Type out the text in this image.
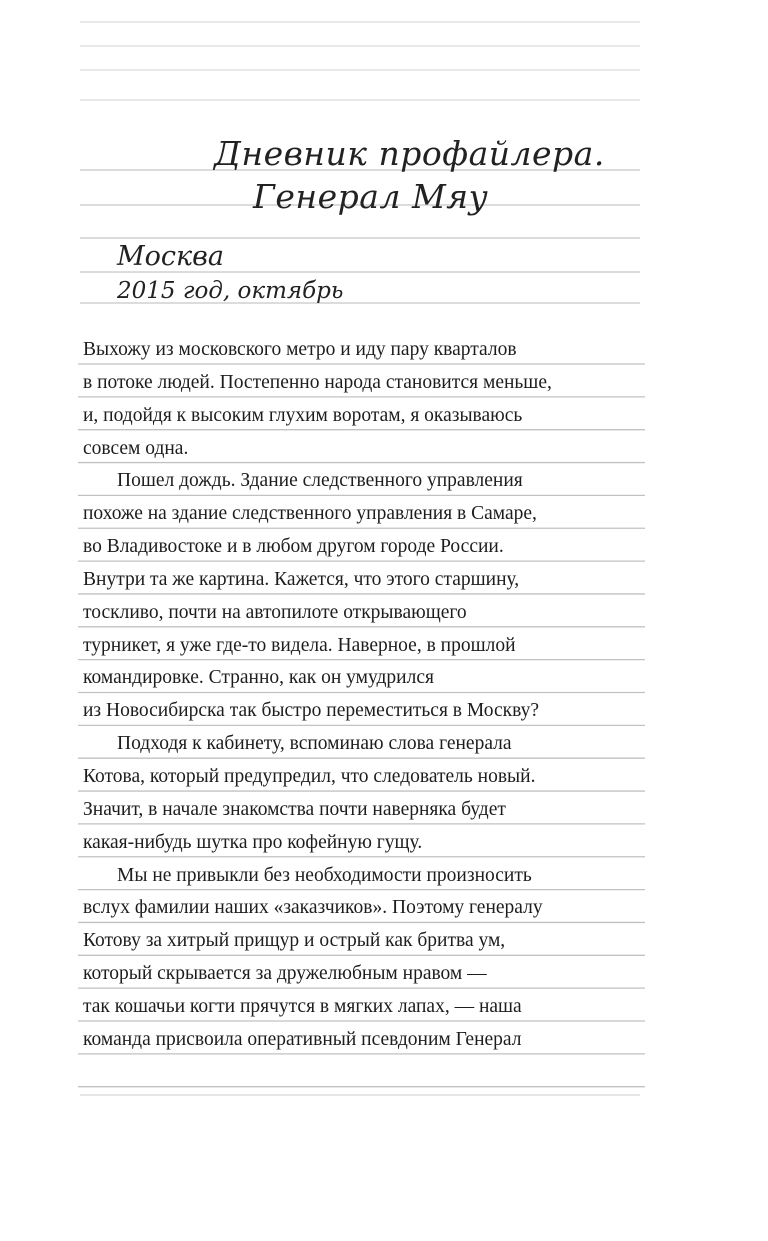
Дневник профайлера.
Генерал Мяу
Москва
2015 год, октябрь
Выхожу из московского метро и иду пару кварталов
в потоке людей. Постепенно народа становится меньше,
и, подойдя к высоким глухим воротам, я оказываюсь
совсем одна.
Пошел дождь. Здание следственного управления
похоже на здание следственного управления в Самаре,
во Владивостоке и в любом другом городе России.
Внутри та же картина. Кажется, что этого старшину,
тоскливо, почти на автопилоте открывающего
турникет, я уже где-то видела. Наверное, в прошлой
командировке. Странно, как он умудрился
из Новосибирска так быстро переместиться в Москву?
Подходя к кабинету, вспоминаю слова генерала
Котова, который предупредил, что следователь новый.
Значит, в начале знакомства почти наверняка будет
какая-нибудь шутка про кофейную гущу.
Мы не привыкли без необходимости произносить
вслух фамилии наших «заказчиков». Поэтому генералу
Котову за хитрый прищур и острый как бритва ум,
который скрывается за дружелюбным нравом —
так кошачьи когти прячутся в мягких лапах, — наша
команда присвоила оперативный псевдоним Генерал
